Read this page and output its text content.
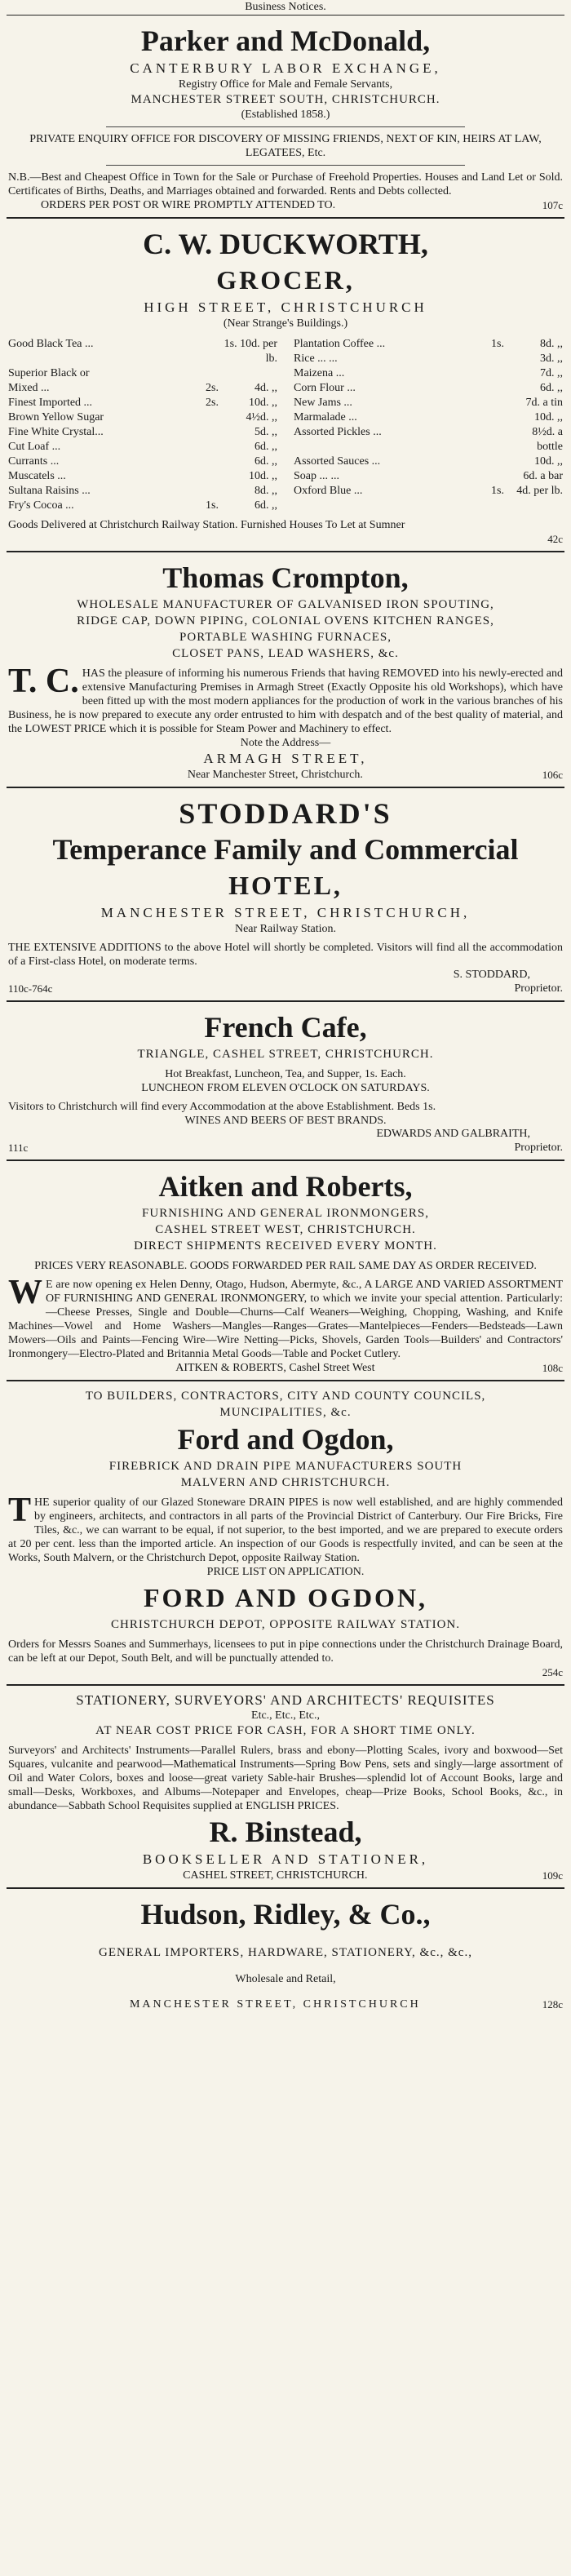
Business Notices.
Parker and McDonald,
CANTERBURY LABOR EXCHANGE,
Registry Office for Male and Female Servants,
MANCHESTER STREET SOUTH, CHRISTCHURCH.
(Established 1858.)
PRIVATE ENQUIRY OFFICE FOR DISCOVERY OF MISSING FRIENDS, NEXT OF KIN, HEIRS AT LAW, LEGATEES, Etc.
N.B.—Best and Cheapest Office in Town for the Sale or Purchase of Freehold Properties. Houses and Land Let or Sold. Certificates of Births, Deaths, and Marriages obtained and forwarded. Rents and Debts collected.
ORDERS PER POST OR WIRE PROMPTLY ATTENDED TO.	107c
C. W. DUCKWORTH,
GROCER,
HIGH STREET, CHRISTCHURCH
(Near Strange's Buildings.)
Good Black Tea ...	1s. 10d. per lb.
Superior Black or
Mixed ...	2s.	4d. ,,
Finest Imported ...	2s.	10d. ,,
Brown Yellow Sugar	4½d. ,,
Fine White Crystal...	5d. ,,
Cut Loaf ...	6d. ,,
Currants ...	6d. ,,
Muscatels ...	10d. ,,
Sultana Raisins ...	8d. ,,
Fry's Cocoa ...	1s.	6d. ,,
Plantation Coffee ...	1s.	8d. ,,
Rice ... ...	3d. ,,
Maizena ...	7d. ,,
Corn Flour ...	6d. ,,
New Jams ...	7d. a tin
Marmalade ...	10d. ,,
Assorted Pickles ...	8½d. a bottle
Assorted Sauces ...	10d. ,,
Soap ... ...	6d. a bar
Oxford Blue ...	1s.	4d. per lb.
Goods Delivered at Christchurch Railway Station. Furnished Houses To Let at Sumner
42c
Thomas Crompton,
WHOLESALE MANUFACTURER OF GALVANISED IRON SPOUTING,
RIDGE CAP, DOWN PIPING, COLONIAL OVENS KITCHEN RANGES,
PORTABLE WASHING FURNACES,
CLOSET PANS, LEAD WASHERS, &c.
T. C. HAS the pleasure of informing his numerous Friends that having REMOVED into his newly-erected and extensive Manufacturing Premises in Armagh Street (Exactly Opposite his old Workshops), which have been fitted up with the most modern appliances for the production of work in the various branches of his Business, he is now prepared to execute any order entrusted to him with despatch and of the best quality of material, and the LOWEST PRICE which it is possible for Steam Power and Machinery to effect.
Note the Address—
ARMAGH STREET,
Near Manchester Street, Christchurch.	106c
STODDARD'S
Temperance Family and Commercial
HOTEL,
MANCHESTER STREET, CHRISTCHURCH,
Near Railway Station.
THE EXTENSIVE ADDITIONS to the above Hotel will shortly be completed. Visitors will find all the accommodation of a First-class Hotel, on moderate terms.
S. STODDARD,
110c-764c	Proprietor.
French Cafe,
TRIANGLE, CASHEL STREET, CHRISTCHURCH.
Hot Breakfast, Luncheon, Tea, and Supper, 1s. Each.
LUNCHEON FROM ELEVEN O'CLOCK ON SATURDAYS.
Visitors to Christchurch will find every Accommodation at the above Establishment. Beds 1s.
WINES AND BEERS OF BEST BRANDS.
EDWARDS AND GALBRAITH,
111c	Proprietor.
Aitken and Roberts,
FURNISHING AND GENERAL IRONMONGERS,
CASHEL STREET WEST, CHRISTCHURCH.
DIRECT SHIPMENTS RECEIVED EVERY MONTH.
PRICES VERY REASONABLE. GOODS FORWARDED PER RAIL SAME DAY AS ORDER RECEIVED.
W E are now opening ex Helen Denny, Otago, Hudson, Abermyte, &c., A LARGE AND VARIED ASSORTMENT OF FURNISHING AND GENERAL IRONMONGERY, to which we invite your special attention. Particularly:—Cheese Presses, Single and Double—Churns—Calf Weaners—Weighing, Chopping, Washing, and Knife Machines—Vowel and Home Washers—Mangles—Ranges—Grates—Mantelpieces—Fenders—Bedsteads—Lawn Mowers—Oils and Paints—Fencing Wire—Wire Netting—Picks, Shovels, Garden Tools—Builders' and Contractors' Ironmongery—Electro-Plated and Britannia Metal Goods—Table and Pocket Cutlery.
AITKEN & ROBERTS, Cashel Street West	108c
TO BUILDERS, CONTRACTORS, CITY AND COUNTY COUNCILS,
MUNCIPALITIES, &c.
Ford and Ogdon,
FIREBRICK AND DRAIN PIPE MANUFACTURERS SOUTH
MALVERN AND CHRISTCHURCH.
T HE superior quality of our Glazed Stoneware DRAIN PIPES is now well established, and are highly commended by engineers, architects, and contractors in all parts of the Provincial District of Canterbury. Our Fire Bricks, Fire Tiles, &c., we can warrant to be equal, if not superior, to the best imported, and we are prepared to execute orders at 20 per cent. less than the imported article. An inspection of our Goods is respectfully invited, and can be seen at the Works, South Malvern, or the Christchurch Depot, opposite Railway Station.
PRICE LIST ON APPLICATION.
FORD AND OGDON,
CHRISTCHURCH DEPOT, OPPOSITE RAILWAY STATION.
Orders for Messrs Soanes and Summerhays, licensees to put in pipe connections under the Christchurch Drainage Board, can be left at our Depot, South Belt, and will be punctually attended to.
254c
STATIONERY, SURVEYORS' AND ARCHITECTS' REQUISITES
Etc., Etc., Etc.,
AT NEAR COST PRICE FOR CASH, FOR A SHORT TIME ONLY.
Surveyors' and Architects' Instruments—Parallel Rulers, brass and ebony—Plotting Scales, ivory and boxwood—Set Squares, vulcanite and pearwood—Mathematical Instruments—Spring Bow Pens, sets and singly—large assortment of Oil and Water Colors, boxes and loose—great variety Sable-hair Brushes—splendid lot of Account Books, large and small—Desks, Workboxes, and Albums—Notepaper and Envelopes, cheap—Prize Books, School Books, &c., in abundance—Sabbath School Requisites supplied at ENGLISH PRICES.
R. Binstead,
BOOKSELLER AND STATIONER,
CASHEL STREET, CHRISTCHURCH.	109c
Hudson, Ridley, & Co.,
GENERAL IMPORTERS, HARDWARE, STATIONERY, &c., &c.,
Wholesale and Retail,
MANCHESTER STREET, CHRISTCHURCH	128c
